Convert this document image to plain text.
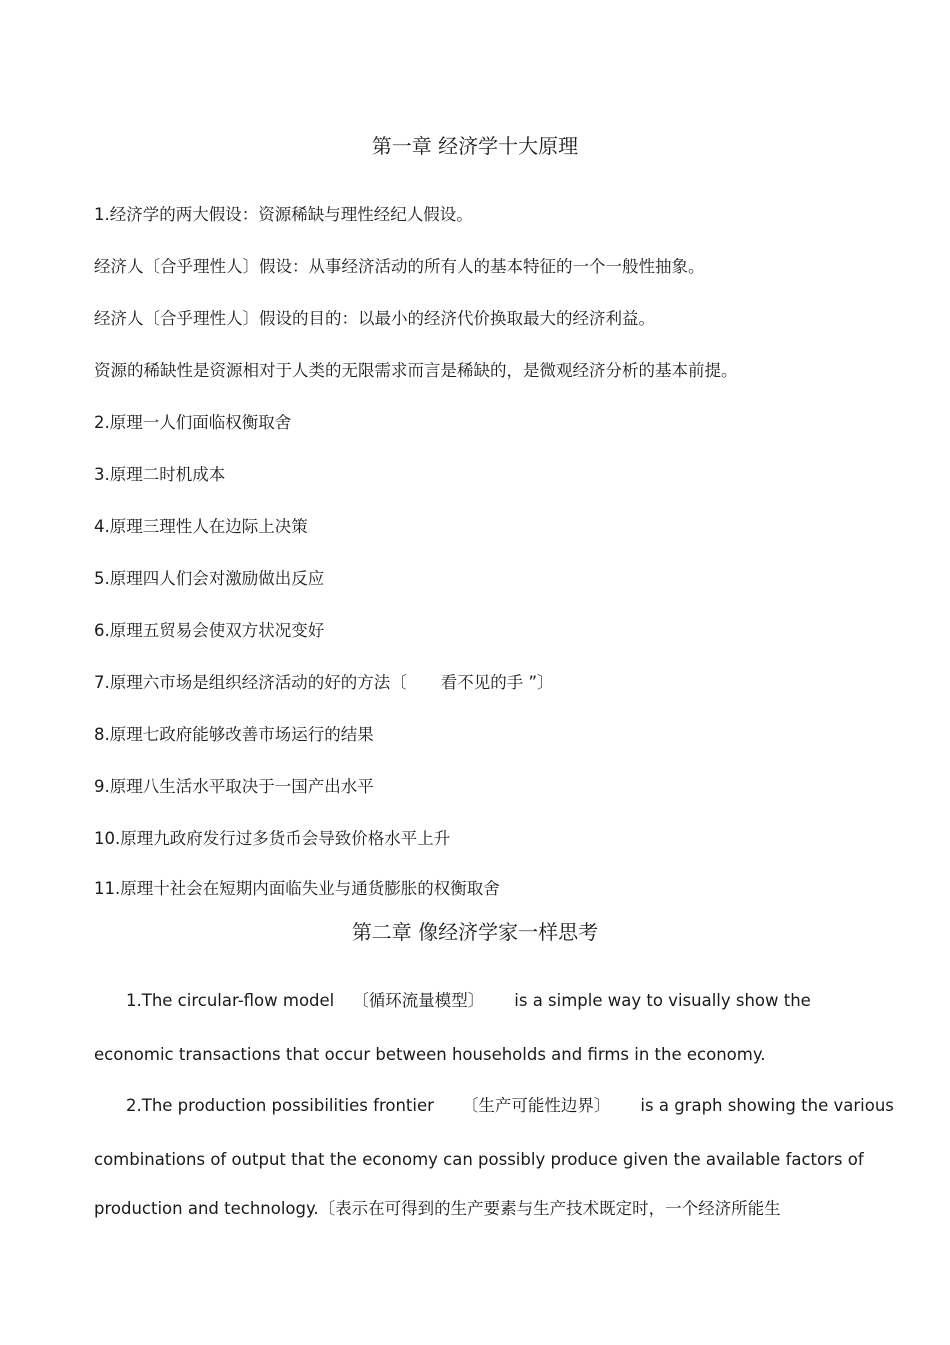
第一章 经济学十大原理
1.经济学的两大假设：资源稀缺与理性经纪人假设。
经济人〔合乎理性人〕假设：从事经济活动的所有人的基本特征的一个一般性抽象。
经济人〔合乎理性人〕假设的目的：以最小的经济代价换取最大的经济利益。
资源的稀缺性是资源相对于人类的无限需求而言是稀缺的，是微观经济分析的基本前提。
2.原理一人们面临权衡取舍
3.原理二时机成本
4.原理三理性人在边际上决策
5.原理四人们会对激励做出反应
6.原理五贸易会使双方状况变好
7.原理六市场是组织经济活动的好的方法〔 看不见的手 ”〕
8.原理七政府能够改善市场运行的结果
9.原理八生活水平取决于一国产出水平
10.原理九政府发行过多货币会导致价格水平上升
11.原理十社会在短期内面临失业与通货膨胀的权衡取舍
第二章 像经济学家一样思考
1.The circular-flow model 〔循环流量模型〕 is a simple way to visually show the
economic transactions that occur between households and firms in the economy.
2.The production possibilities frontier 〔生产可能性边界〕 is a graph showing the various
combinations of output that the economy can possibly produce given the available factors of
production and technology.〔表示在可得到的生产要素与生产技术既定时，一个经济所能生
